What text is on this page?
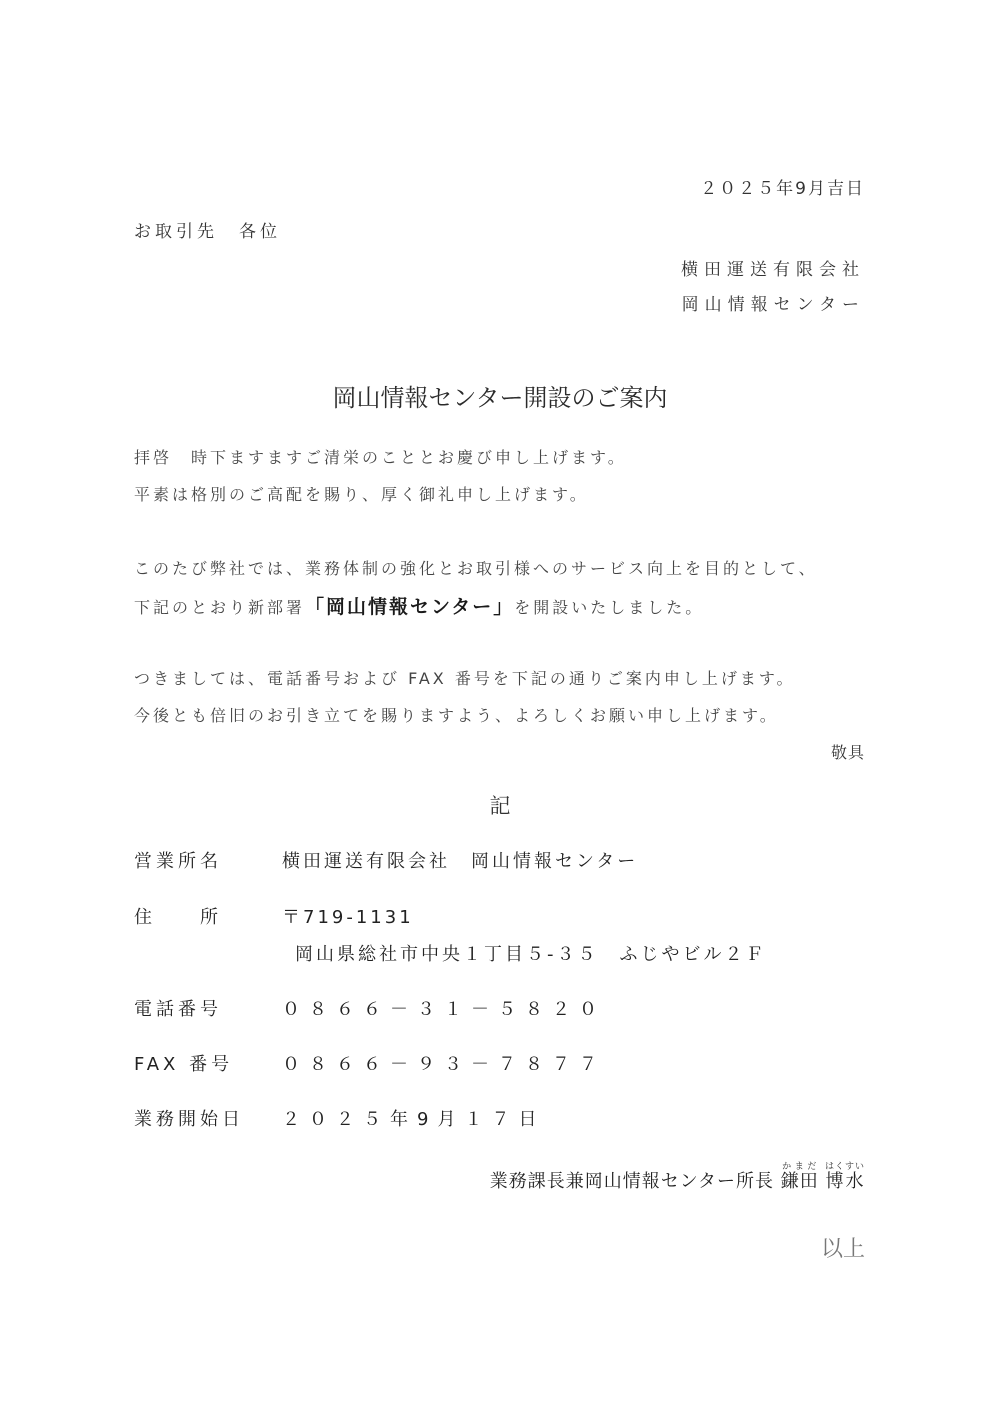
２０２５年9月吉日
お取引先　各位
横田運送有限会社
岡山情報センター
岡山情報センター開設のご案内
拝啓　時下ますますご清栄のこととお慶び申し上げます。
平素は格別のご高配を賜り、厚く御礼申し上げます。
このたび弊社では、業務体制の強化とお取引様へのサービス向上を目的として、
下記のとおり新部署「岡山情報センター」を開設いたしました。
つきましては、電話番号および FAX 番号を下記の通りご案内申し上げます。
今後とも倍旧のお引き立てを賜りますよう、よろしくお願い申し上げます。
敬具
記
営業所名	横田運送有限会社　岡山情報センター
住　　所	〒719-1131
岡山県総社市中央１丁目５-３５　ふじやビル２Ｆ
電話番号	０８６６－３１－５８２０
FAX 番号	０８６６－９３－７８７７
業務開始日 ２０２５年9月１７日
業務課長兼岡山情報センター所長 鎌田かまだ 博水はくすい
以上
